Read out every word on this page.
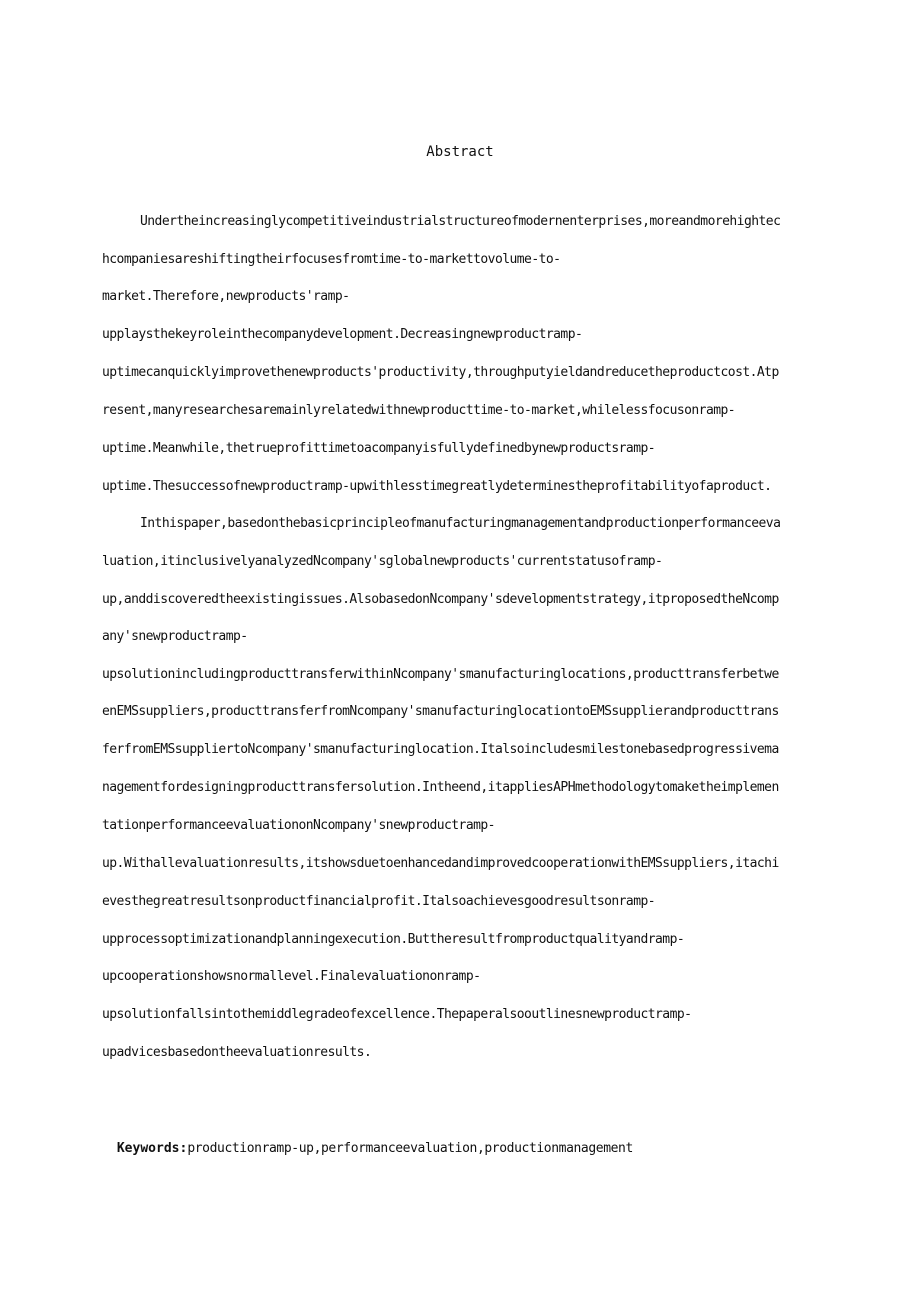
Abstract
Undertheincreasinglycompetitiveindustrialstructureofmodernenterprises,moreandmorehightec
hcompaniesareshiftingtheirfocusesfromtime-to-markettovolume-to-
market.Therefore,newproducts'ramp-
upplaysthekeyroleinthecompanydevelopment.Decreasingnewproductramp-
uptimecanquicklyimprovethenewproducts'productivity,throughputyieldandreducetheproductcost.Atp
resent,manyresearchesaremainlyrelatedwithnewproducttime-to-market,whilelessfocusonramp-
uptime.Meanwhile,thetrueprofittimetoacompanyisfullydefinedbynewproductsramp-
uptime.Thesuccessofnewproductramp-upwithlesstimegreatlydeterminestheprofitabilityofaproduct.
Inthispaper,basedonthebasicprincipleofmanufacturingmanagementandproductionperformanceeva
luation,itinclusivelyanalyzedNcompany'sglobalnewproducts'currentstatusoframp-
up,anddiscoveredtheexistingissues.AlsobasedonNcompany'sdevelopmentstrategy,itproposedtheNcomp
any'snewproductramp-
upsolutionincludingproducttransferwithinNcompany'smanufacturinglocations,producttransferbetwe
enEMSsuppliers,producttransferfromNcompany'smanufacturinglocationtoEMSsupplierandproducttrans
ferfromEMSsuppliertoNcompany'smanufacturinglocation.Italsoincludesmilestonebasedprogressivema
nagementfordesigningproducttransfersolution.Intheend,itappliesAPHmethodologytomaketheimplemen
tationperformanceevaluationonNcompany'snewproductramp-
up.Withallevaluationresults,itshowsduetoenhancedandimprovedcooperationwithEMSsuppliers,itachi
evesthegreatresultsonproductfinancialprofit.Italsoachievesgoodresultsonramp-
upprocessoptimizationandplanningexecution.Buttheresultfromproductqualityandramp-
upcooperationshowsnormallevel.Finalevaluationonramp-
upsolutionfallsintothemiddlegradeofexcellence.Thepaperalsooutlinesnewproductramp-
upadvicesbasedontheevaluationresults.

Keywords:productionramp-up,performanceevaluation,productionmanagement
